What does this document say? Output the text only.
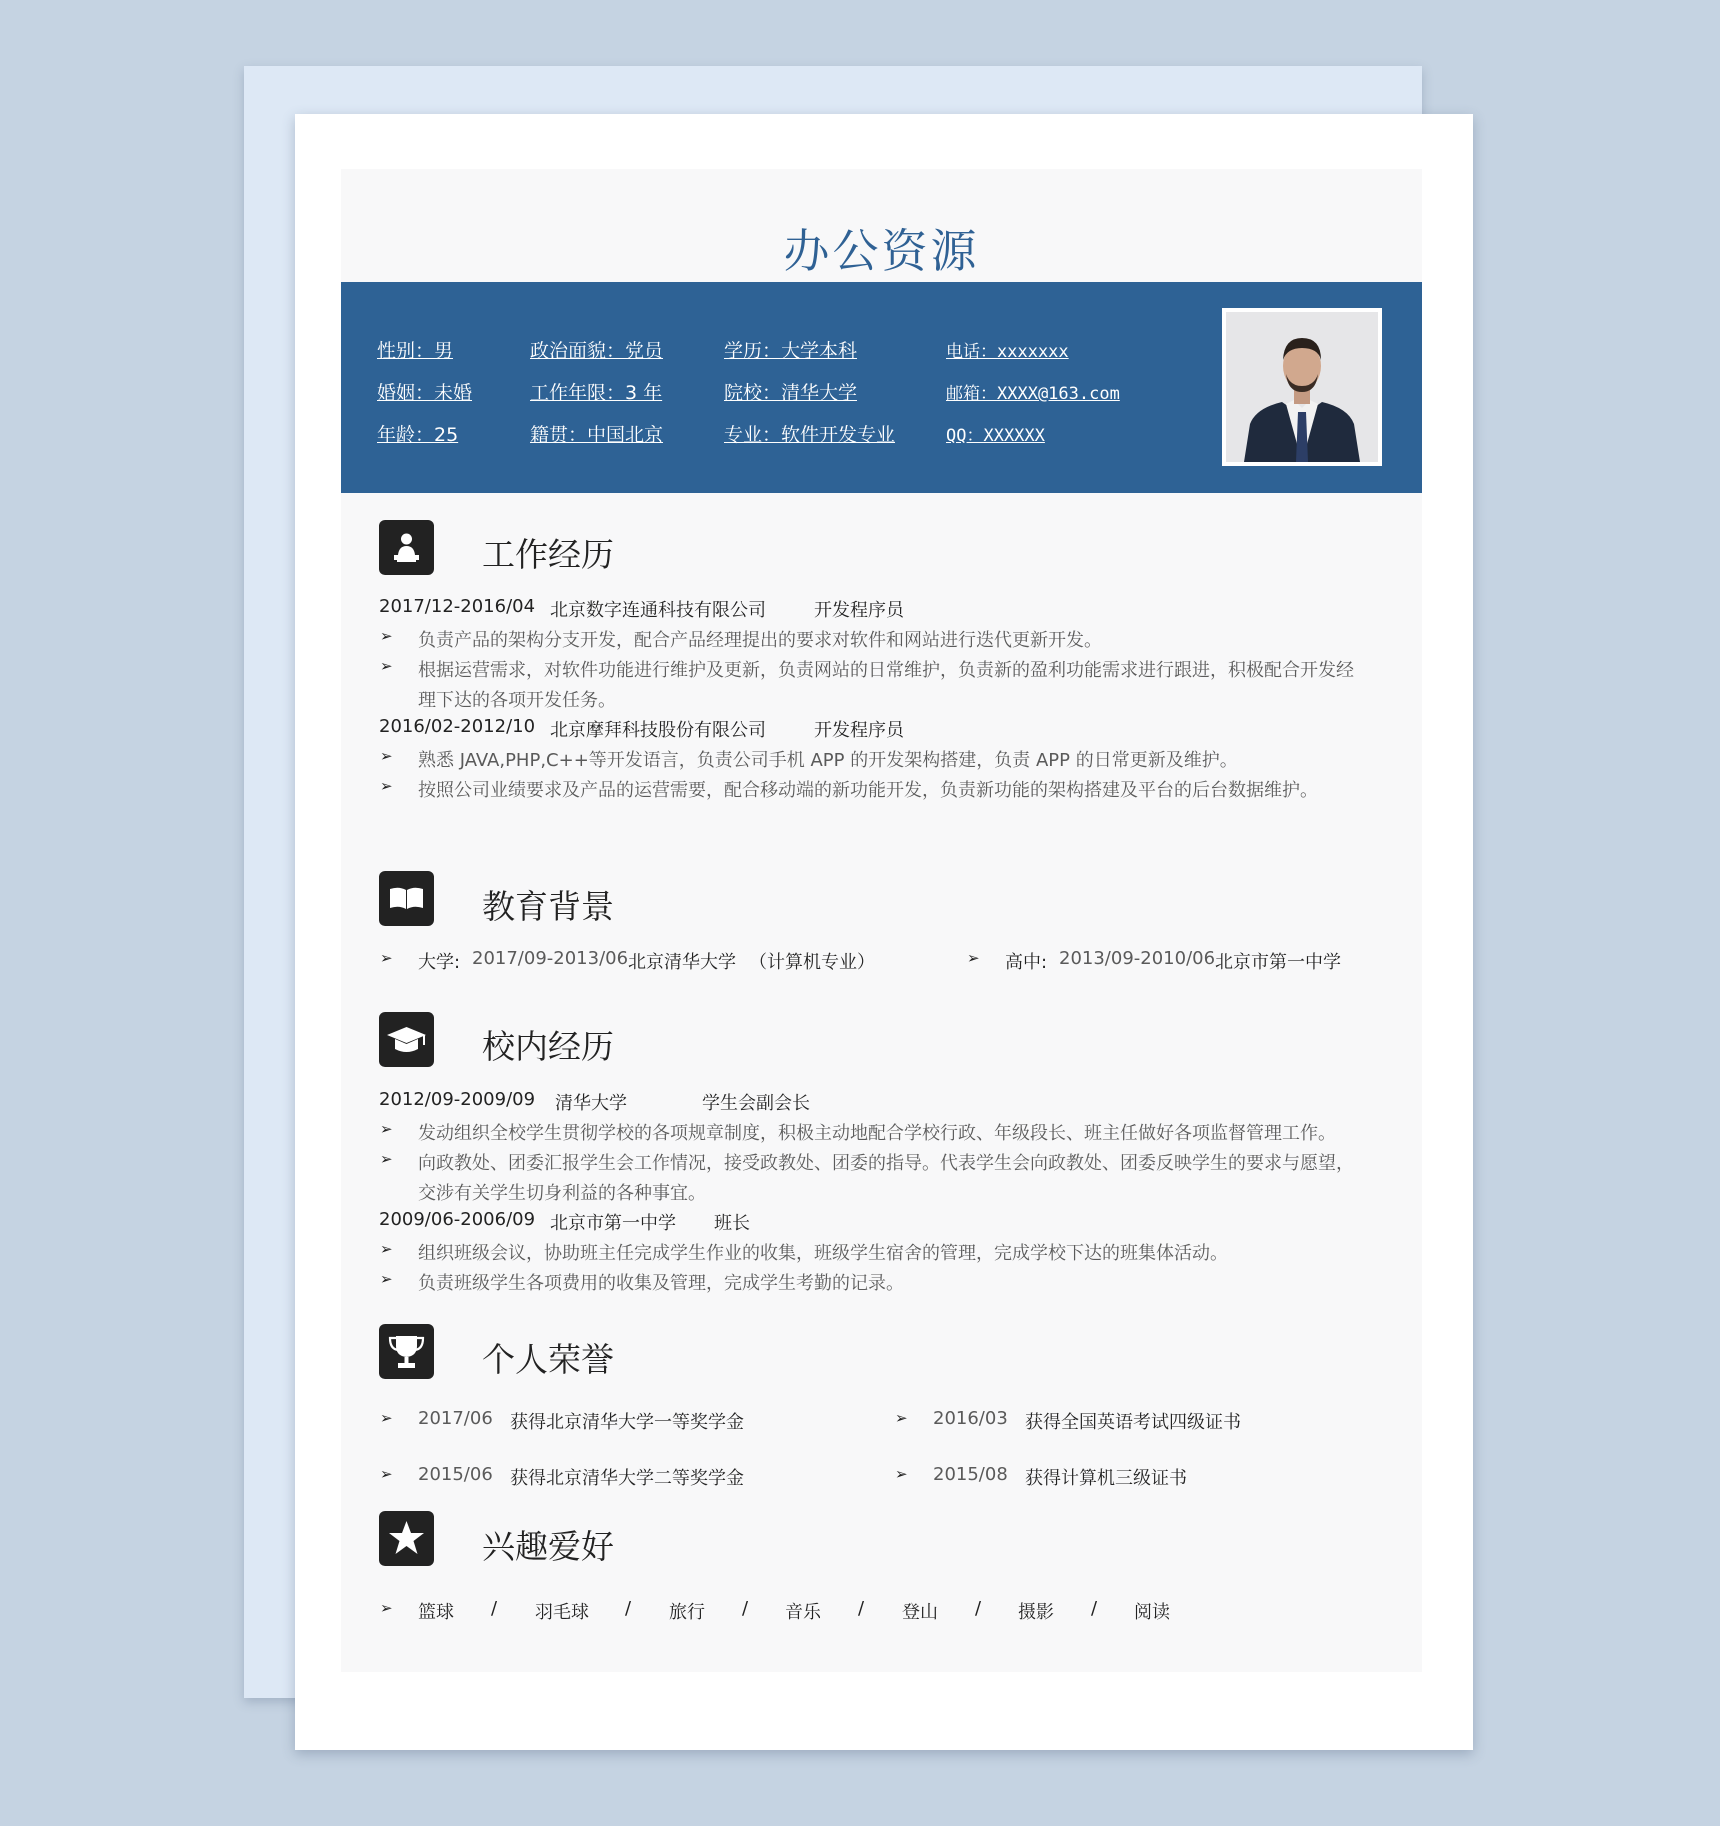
办公资源
性别：男	政治面貌：党员	学历：大学本科	电话：xxxxxxx
婚姻：未婚	工作年限：3 年	院校：清华大学	邮箱：XXXX@163.com
年龄：25	籍贯：中国北京	专业：软件开发专业	QQ：XXXXXX
工作经历
2017/12-2016/04 北京数字连通科技有限公司	开发程序员
➢ 负责产品的架构分支开发，配合产品经理提出的要求对软件和网站进行迭代更新开发。
➢ 根据运营需求，对软件功能进行维护及更新，负责网站的日常维护，负责新的盈利功能需求进行跟进，积极配合开发经
理下达的各项开发任务。
2016/02-2012/10 北京摩拜科技股份有限公司	开发程序员
➢ 熟悉 JAVA,PHP,C++等开发语言，负责公司手机 APP 的开发架构搭建，负责 APP 的日常更新及维护。
➢ 按照公司业绩要求及产品的运营需要，配合移动端的新功能开发，负责新功能的架构搭建及平台的后台数据维护。
教育背景
➢ 大学: 2017/09-2013/06 北京清华大学 （计算机专业）	➢ 高中: 2013/09-2010/06 北京市第一中学
校内经历
2012/09-2009/09 清华大学	学生会副会长
➢ 发动组织全校学生贯彻学校的各项规章制度，积极主动地配合学校行政、年级段长、班主任做好各项监督管理工作。
➢ 向政教处、团委汇报学生会工作情况，接受政教处、团委的指导。代表学生会向政教处、团委反映学生的要求与愿望，
交涉有关学生切身利益的各种事宜。
2009/06-2006/09 北京市第一中学 班长
➢ 组织班级会议，协助班主任完成学生作业的收集，班级学生宿舍的管理，完成学校下达的班集体活动。
➢ 负责班级学生各项费用的收集及管理，完成学生考勤的记录。
个人荣誉
➢ 2017/06 获得北京清华大学一等奖学金	➢ 2016/03 获得全国英语考试四级证书
➢ 2015/06 获得北京清华大学二等奖学金	➢ 2015/08 获得计算机三级证书
兴趣爱好
➢ 篮球 / 羽毛球 / 旅行 / 音乐 / 登山 / 摄影 / 阅读
